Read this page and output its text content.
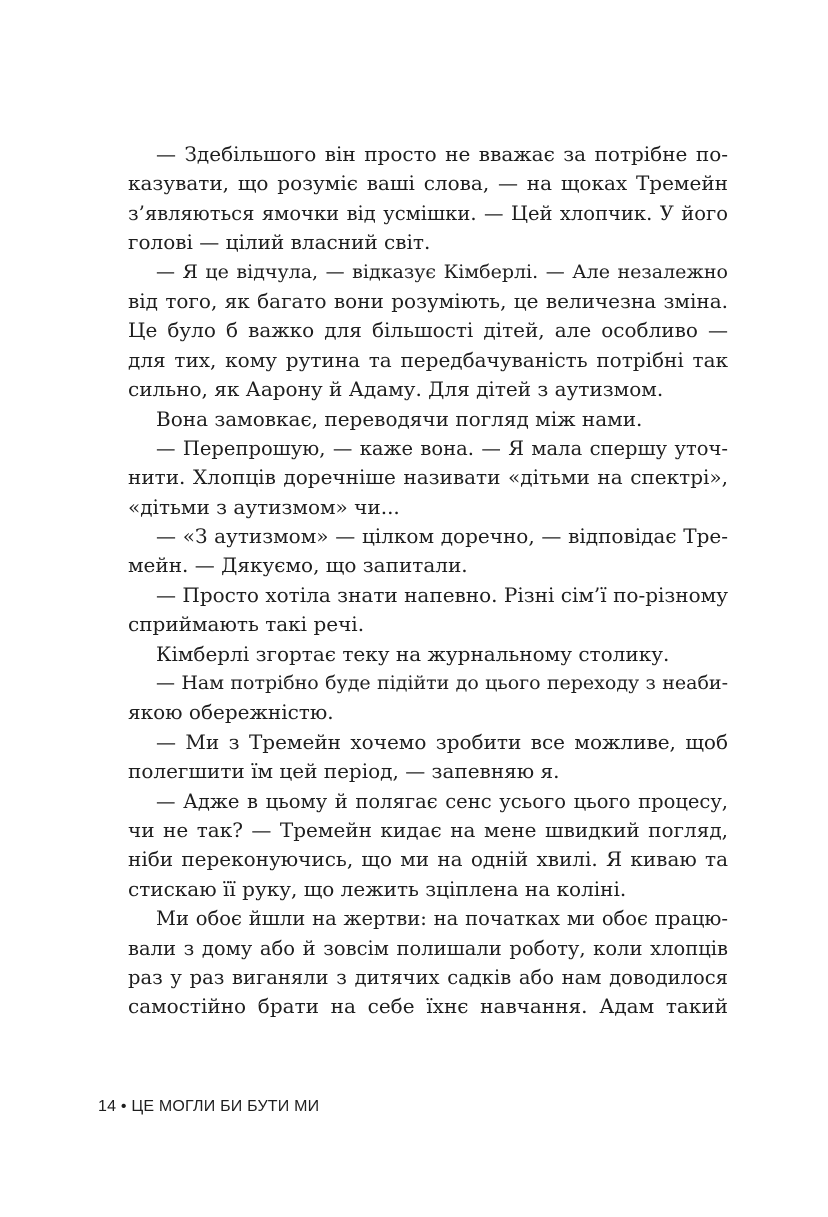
— Здебільшого він просто не вважає за потрібне по-
казувати, що розуміє ваші слова, — на щоках Тремейн
з’являються ямочки від усмішки. — Цей хлопчик. У його
голові — цілий власний світ.
— Я це відчула, — відказує Кімберлі. — Але незалежно
від того, як багато вони розуміють, це величезна зміна.
Це було б важко для більшості дітей, але особливо —
для тих, кому рутина та передбачуваність потрібні так
сильно, як Аарону й Адаму. Для дітей з аутизмом.
Вона замовкає, переводячи погляд між нами.
— Перепрошую, — каже вона. — Я мала спершу уточ-
нити. Хлопців доречніше називати «дітьми на спектрі»,
«дітьми з аутизмом» чи...
— «З аутизмом» — цілком доречно, — відповідає Тре-
мейн. — Дякуємо, що запитали.
— Просто хотіла знати напевно. Різні сім’ї по-різному
сприймають такі речі.
Кімберлі згортає теку на журнальному столику.
— Нам потрібно буде підійти до цього переходу з неаби-
якою обережністю.
— Ми з Тремейн хочемо зробити все можливе, щоб
полегшити їм цей період, — запевняю я.
— Адже в цьому й полягає сенс усього цього процесу,
чи не так? — Тремейн кидає на мене швидкий погляд,
ніби переконуючись, що ми на одній хвилі. Я киваю та
стискаю її руку, що лежить зціплена на коліні.
Ми обоє йшли на жертви: на початках ми обоє працю-
вали з дому або й зовсім полишали роботу, коли хлопців
раз у раз виганяли з дитячих садків або нам доводилося
самостійно брати на себе їхнє навчання. Адам такий
14 • ЦЕ МОГЛИ БИ БУТИ МИ
